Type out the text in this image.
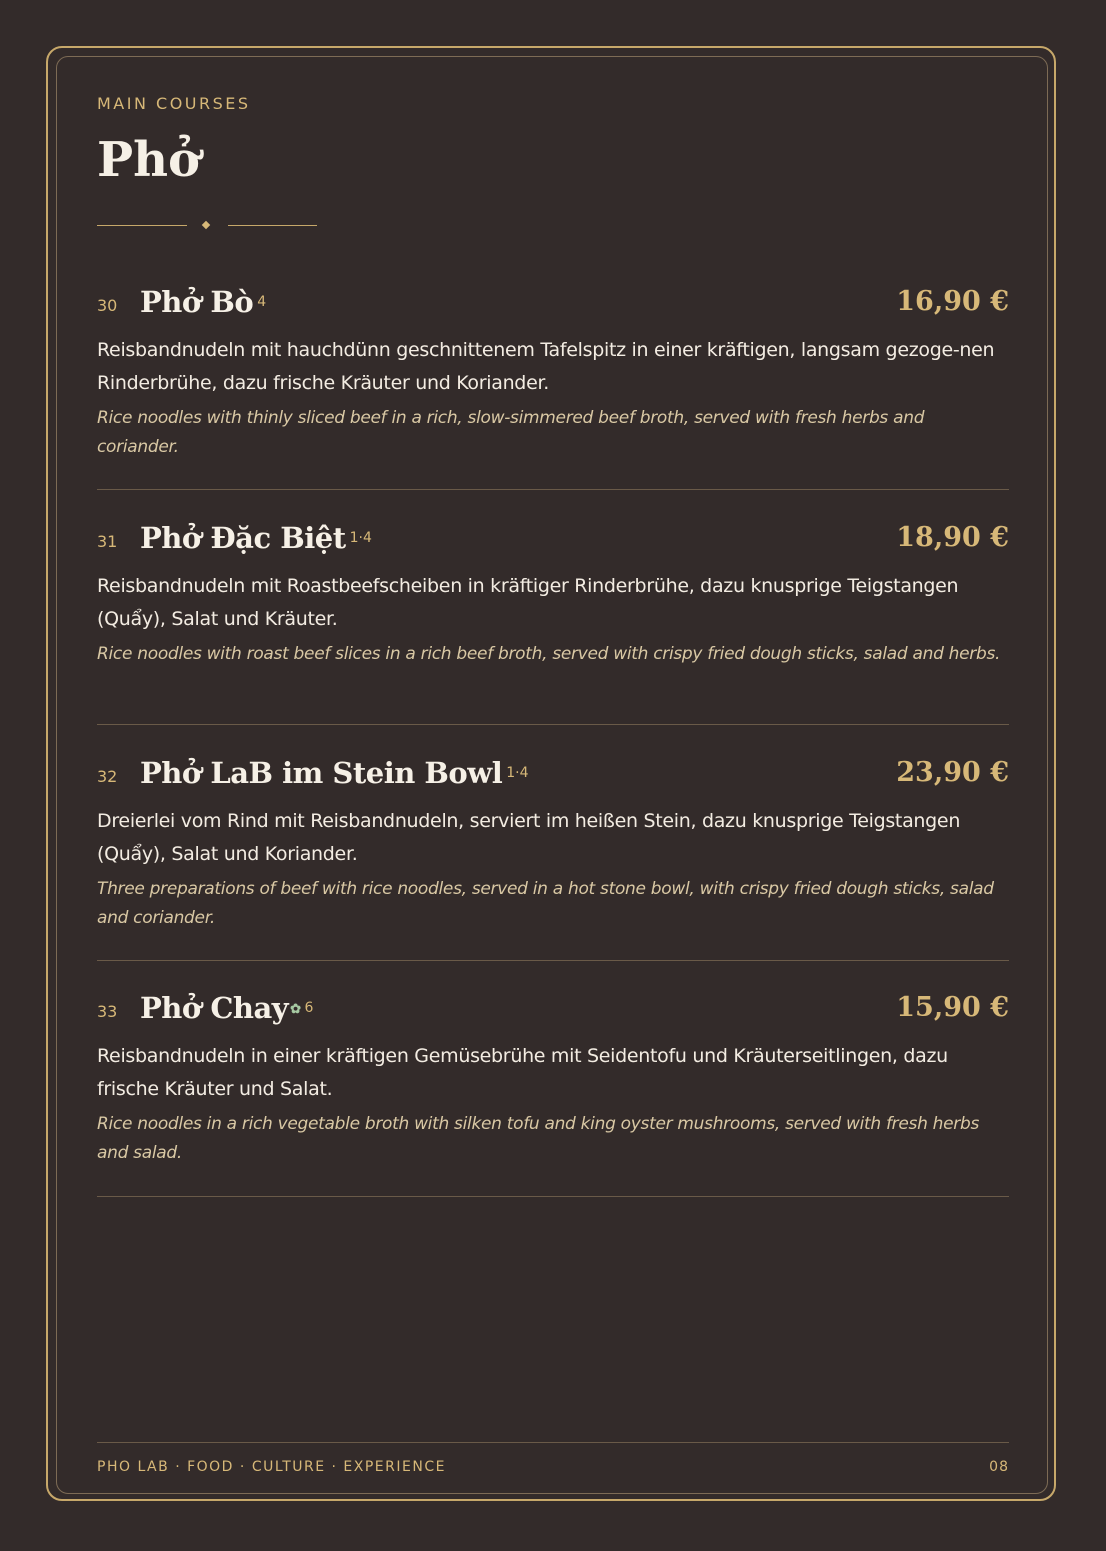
MAIN COURSES
Phở
30 Phở Bò $^4$	16,90 €
Reisbandnudeln mit hauchdünn geschnittenem Tafelspitz in einer kräftigen, langsam gezoge-nen Rinderbrühe, dazu frische Kräuter und Koriander.
Rice noodles with thinly sliced beef in a rich, slow-simmered beef broth, served with fresh herbs and coriander.
31 Phở Đặc Biệt $^{1\cdot 4}$	18,90 €
Reisbandnudeln mit Roastbeefscheiben in kräftiger Rinderbrühe, dazu knusprige Teigstangen (Quẩy), Salat und Kräuter.
Rice noodles with roast beef slices in a rich beef broth, served with crispy fried dough sticks, salad and herbs.
32 Phở LaB im Stein Bowl $^{1\cdot 4}$	23,90 €
Dreierlei vom Rind mit Reisbandnudeln, serviert im heißen Stein, dazu knusprige Teigstangen (Quẩy), Salat und Koriander.
Three preparations of beef with rice noodles, served in a hot stone bowl, with crispy fried dough sticks, salad and coriander.
33 Phở Chay ✿ $^6$	15,90 €
Reisbandnudeln in einer kräftigen Gemüsebrühe mit Seidentofu und Kräuterseitlingen, dazu frische Kräuter und Salat.
Rice noodles in a rich vegetable broth with silken tofu and king oyster mushrooms, served with fresh herbs and salad.
PHO LAB · FOOD · CULTURE · EXPERIENCE	08
